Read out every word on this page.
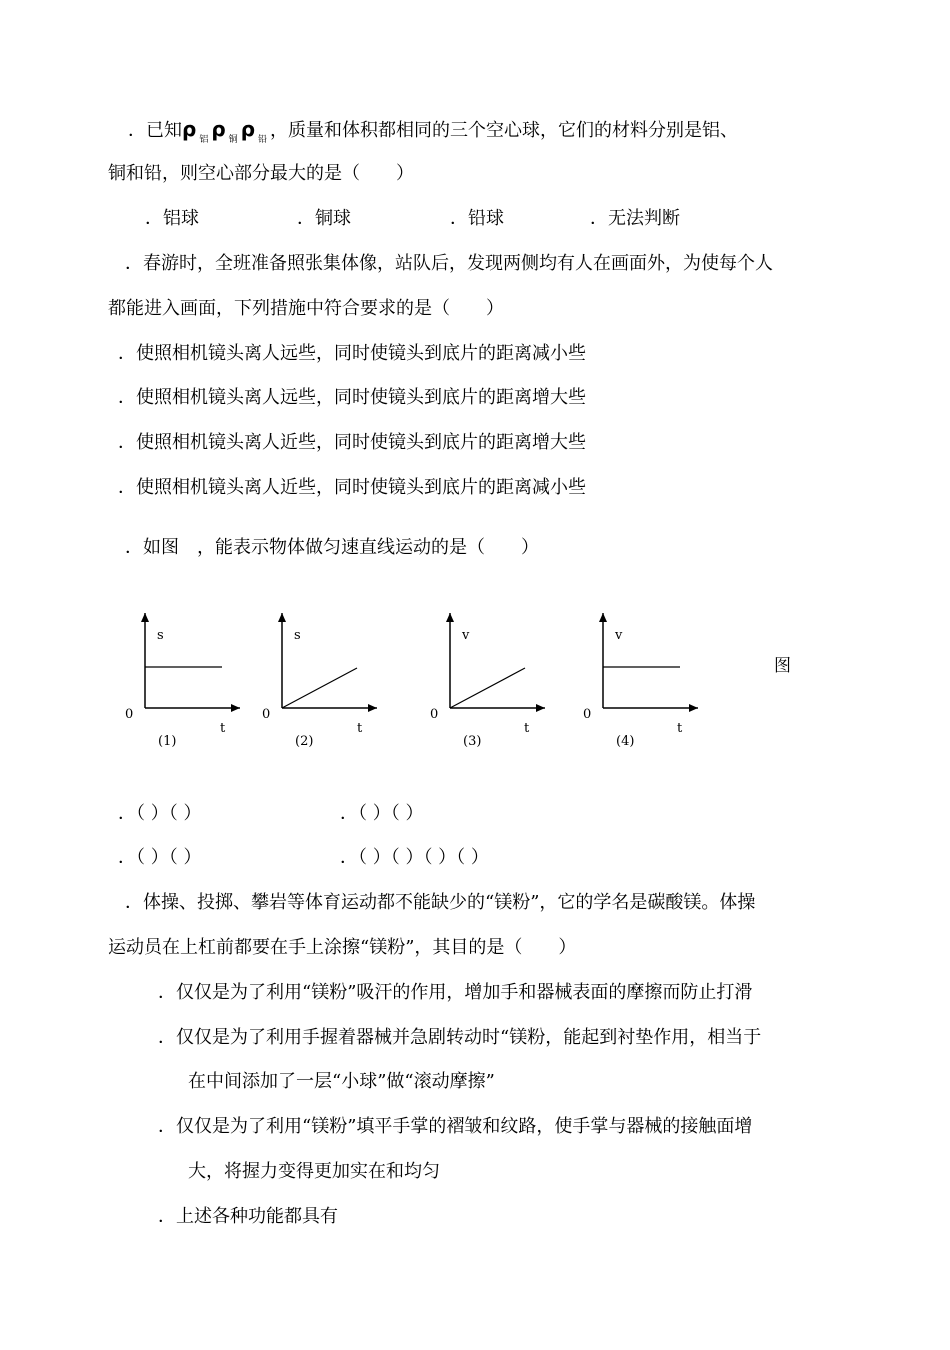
．已知ρ $_铝$ ρ $_铜$ ρ $_铅$ ，质量和体积都相同的三个空心球，它们的材料分别是铝、
铜和铅，则空心部分最大的是（　　）
．铝球	．铜球	．铅球	．无法判断
．春游时，全班准备照张集体像，站队后，发现两侧均有人在画面外，为使每个人
都能进入画面，下列措施中符合要求的是（　　）
．使照相机镜头离人远些，同时使镜头到底片的距离减小些
．使照相机镜头离人远些，同时使镜头到底片的距离增大些
．使照相机镜头离人近些，同时使镜头到底片的距离增大些
．使照相机镜头离人近些，同时使镜头到底片的距离减小些
．如图　，能表示物体做匀速直线运动的是（　　）
s
0
t
(1)
s
0
t
(2)
v
0
t
(3)
v
0
t
(4)
图
．（ ）（ ）	．（ ）（ ）
．（ ）（ ）	．（ ）（ ）（ ）（ ）
．体操、投掷、攀岩等体育运动都不能缺少的“镁粉”，它的学名是碳酸镁。体操
运动员在上杠前都要在手上涂擦“镁粉”，其目的是（　　）
．仅仅是为了利用“镁粉”吸汗的作用，增加手和器械表面的摩擦而防止打滑
．仅仅是为了利用手握着器械并急剧转动时“镁粉，能起到衬垫作用，相当于
在中间添加了一层“小球”做“滚动摩擦”
．仅仅是为了利用“镁粉”填平手掌的褶皱和纹路，使手掌与器械的接触面增
大，将握力变得更加实在和均匀
．上述各种功能都具有
